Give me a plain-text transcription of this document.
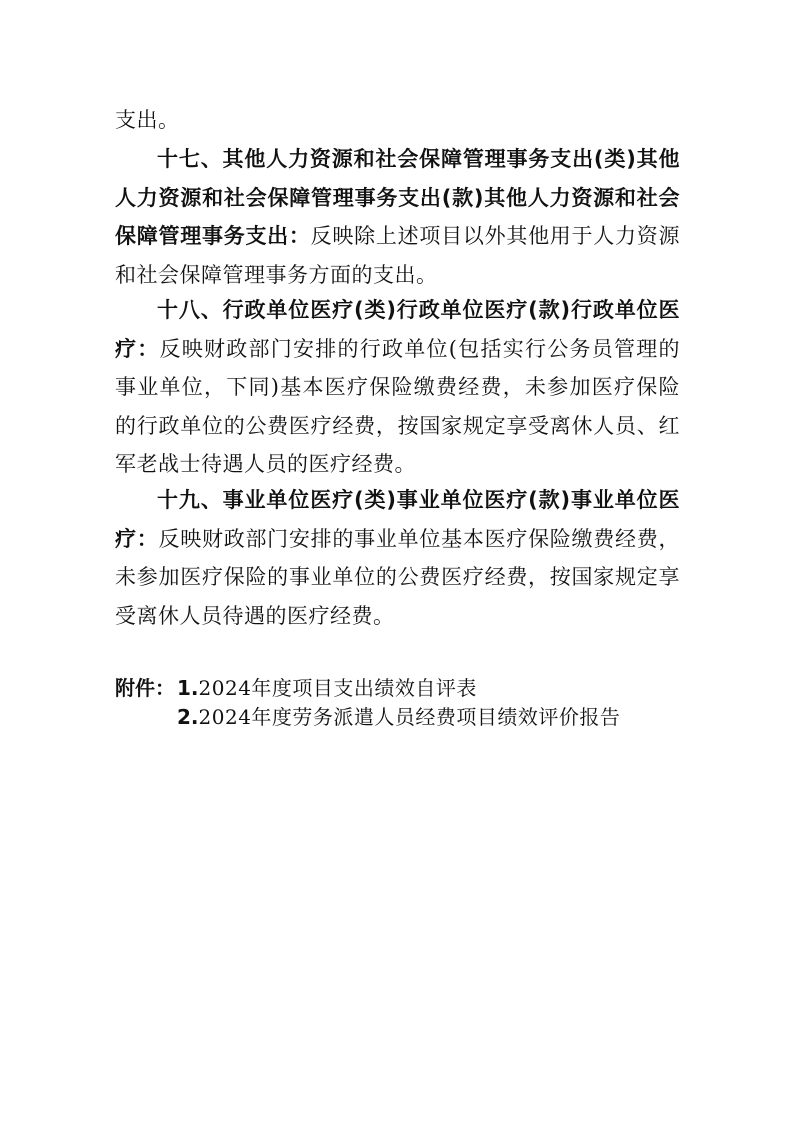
支出。

十七、其他人力资源和社会保障管理事务支出(类)其他人力资源和社会保障管理事务支出(款)其他人力资源和社会保障管理事务支出：反映除上述项目以外其他用于人力资源和社会保障管理事务方面的支出。

十八、行政单位医疗(类)行政单位医疗(款)行政单位医疗：反映财政部门安排的行政单位(包括实行公务员管理的事业单位，下同)基本医疗保险缴费经费，未参加医疗保险的行政单位的公费医疗经费，按国家规定享受离休人员、红军老战士待遇人员的医疗经费。

十九、事业单位医疗(类)事业单位医疗(款)事业单位医疗：反映财政部门安排的事业单位基本医疗保险缴费经费，未参加医疗保险的事业单位的公费医疗经费，按国家规定享受离休人员待遇的医疗经费。

附件： 1. 2024年度项目支出绩效自评表
2. 2024年度劳务派遣人员经费项目绩效评价报告
